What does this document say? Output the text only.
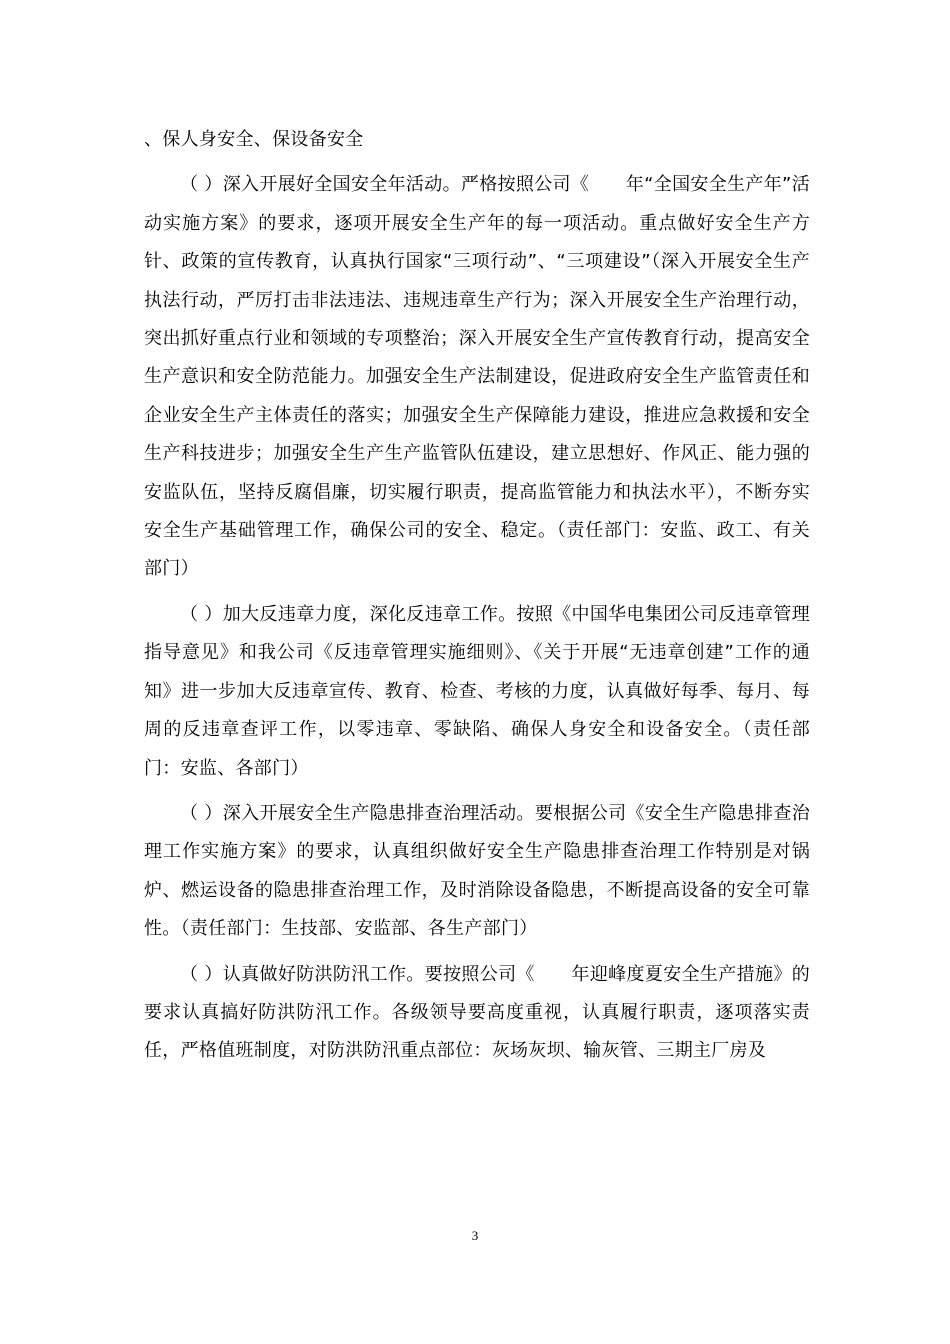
、保人身安全、保设备安全

（ ）深入开展好全国安全年活动。严格按照公司《　　年“全国安全生产年”活动实施方案》的要求，逐项开展安全生产年的每一项活动。重点做好安全生产方针、政策的宣传教育，认真执行国家“三项行动”、“三项建设”（深入开展安全生产执法行动，严厉打击非法违法、违规违章生产行为；深入开展安全生产治理行动，突出抓好重点行业和领域的专项整治；深入开展安全生产宣传教育行动，提高安全生产意识和安全防范能力。加强安全生产法制建设，促进政府安全生产监管责任和企业安全生产主体责任的落实；加强安全生产保障能力建设，推进应急救援和安全生产科技进步；加强安全生产生产监管队伍建设，建立思想好、作风正、能力强的安监队伍，坚持反腐倡廉，切实履行职责，提高监管能力和执法水平），不断夯实安全生产基础管理工作，确保公司的安全、稳定。（责任部门：安监、政工、有关部门）

（ ）加大反违章力度，深化反违章工作。按照《中国华电集团公司反违章管理指导意见》和我公司《反违章管理实施细则》、《关于开展“无违章创建”工作的通知》进一步加大反违章宣传、教育、检查、考核的力度，认真做好每季、每月、每周的反违章查评工作，以零违章、零缺陷、确保人身安全和设备安全。（责任部门：安监、各部门）

（ ）深入开展安全生产隐患排查治理活动。要根据公司《安全生产隐患排查治理工作实施方案》的要求，认真组织做好安全生产隐患排查治理工作特别是对锅炉、燃运设备的隐患排查治理工作，及时消除设备隐患，不断提高设备的安全可靠性。（责任部门：生技部、安监部、各生产部门）

（ ）认真做好防洪防汛工作。要按照公司《　　年迎峰度夏安全生产措施》的要求认真搞好防洪防汛工作。各级领导要高度重视，认真履行职责，逐项落实责任，严格值班制度，对防洪防汛重点部位：灰场灰坝、输灰管、三期主厂房及

3
